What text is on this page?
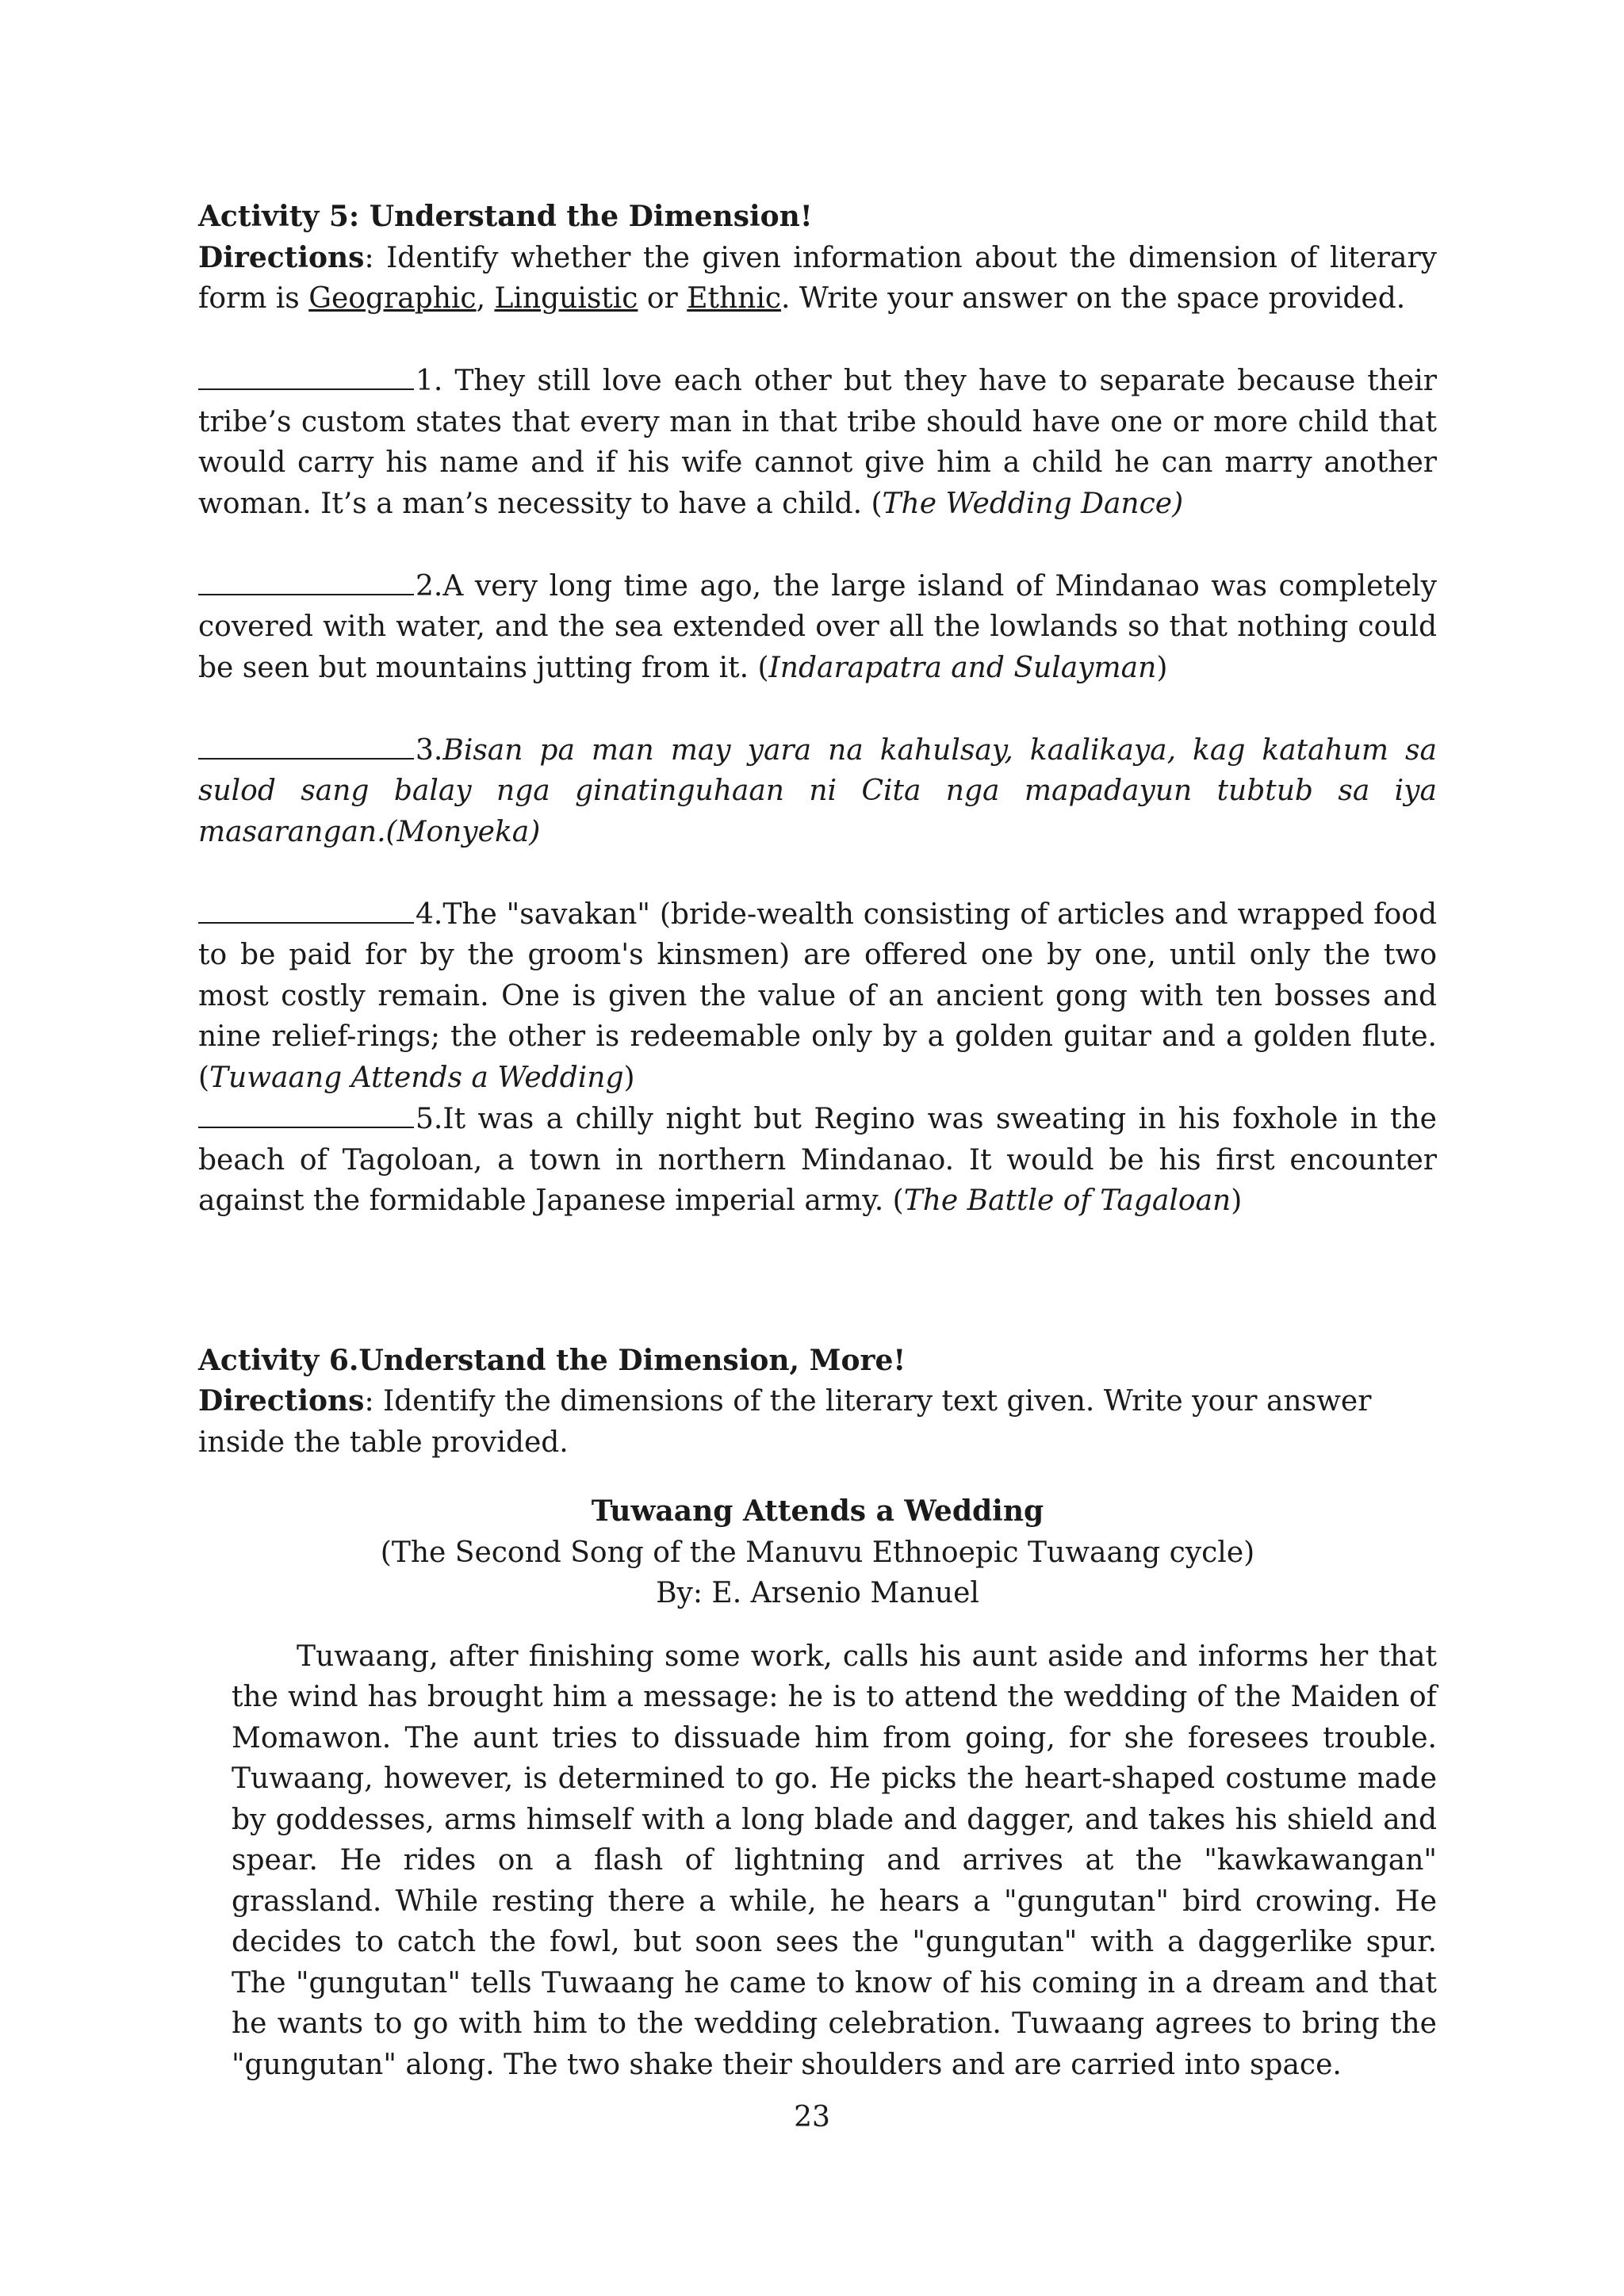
Activity 5: Understand the Dimension!

Directions: Identify whether the given information about the dimension of literary form is Geographic, Linguistic or Ethnic. Write your answer on the space provided.

1. They still love each other but they have to separate because their tribe’s custom states that every man in that tribe should have one or more child that would carry his name and if his wife cannot give him a child he can marry another woman. It’s a man’s necessity to have a child. (The Wedding Dance)

2.A very long time ago, the large island of Mindanao was completely covered with water, and the sea extended over all the lowlands so that nothing could be seen but mountains jutting from it. (Indarapatra and Sulayman)

3.Bisan pa man may yara na kahulsay, kaalikaya, kag katahum sa sulod sang balay nga ginatinguhaan ni Cita nga mapadayun tubtub sa iya masarangan.(Monyeka)

4.The "savakan" (bride-wealth consisting of articles and wrapped food to be paid for by the groom's kinsmen) are offered one by one, until only the two most costly remain. One is given the value of an ancient gong with ten bosses and nine relief-rings; the other is redeemable only by a golden guitar and a golden flute. (Tuwaang Attends a Wedding)

5.It was a chilly night but Regino was sweating in his foxhole in the beach of Tagoloan, a town in northern Mindanao. It would be his first encounter against the formidable Japanese imperial army. (The Battle of Tagaloan)

Activity 6.Understand the Dimension, More!

Directions: Identify the dimensions of the literary text given. Write your answer inside the table provided.

Tuwaang Attends a Wedding

(The Second Song of the Manuvu Ethnoepic Tuwaang cycle)

By: E. Arsenio Manuel

Tuwaang, after finishing some work, calls his aunt aside and informs her that the wind has brought him a message: he is to attend the wedding of the Maiden of Momawon. The aunt tries to dissuade him from going, for she foresees trouble. Tuwaang, however, is determined to go. He picks the heart-shaped costume made by goddesses, arms himself with a long blade and dagger, and takes his shield and spear. He rides on a flash of lightning and arrives at the "kawkawangan" grassland. While resting there a while, he hears a "gungutan" bird crowing. He decides to catch the fowl, but soon sees the "gungutan" with a daggerlike spur. The "gungutan" tells Tuwaang he came to know of his coming in a dream and that he wants to go with him to the wedding celebration. Tuwaang agrees to bring the "gungutan" along. The two shake their shoulders and are carried into space.

23
